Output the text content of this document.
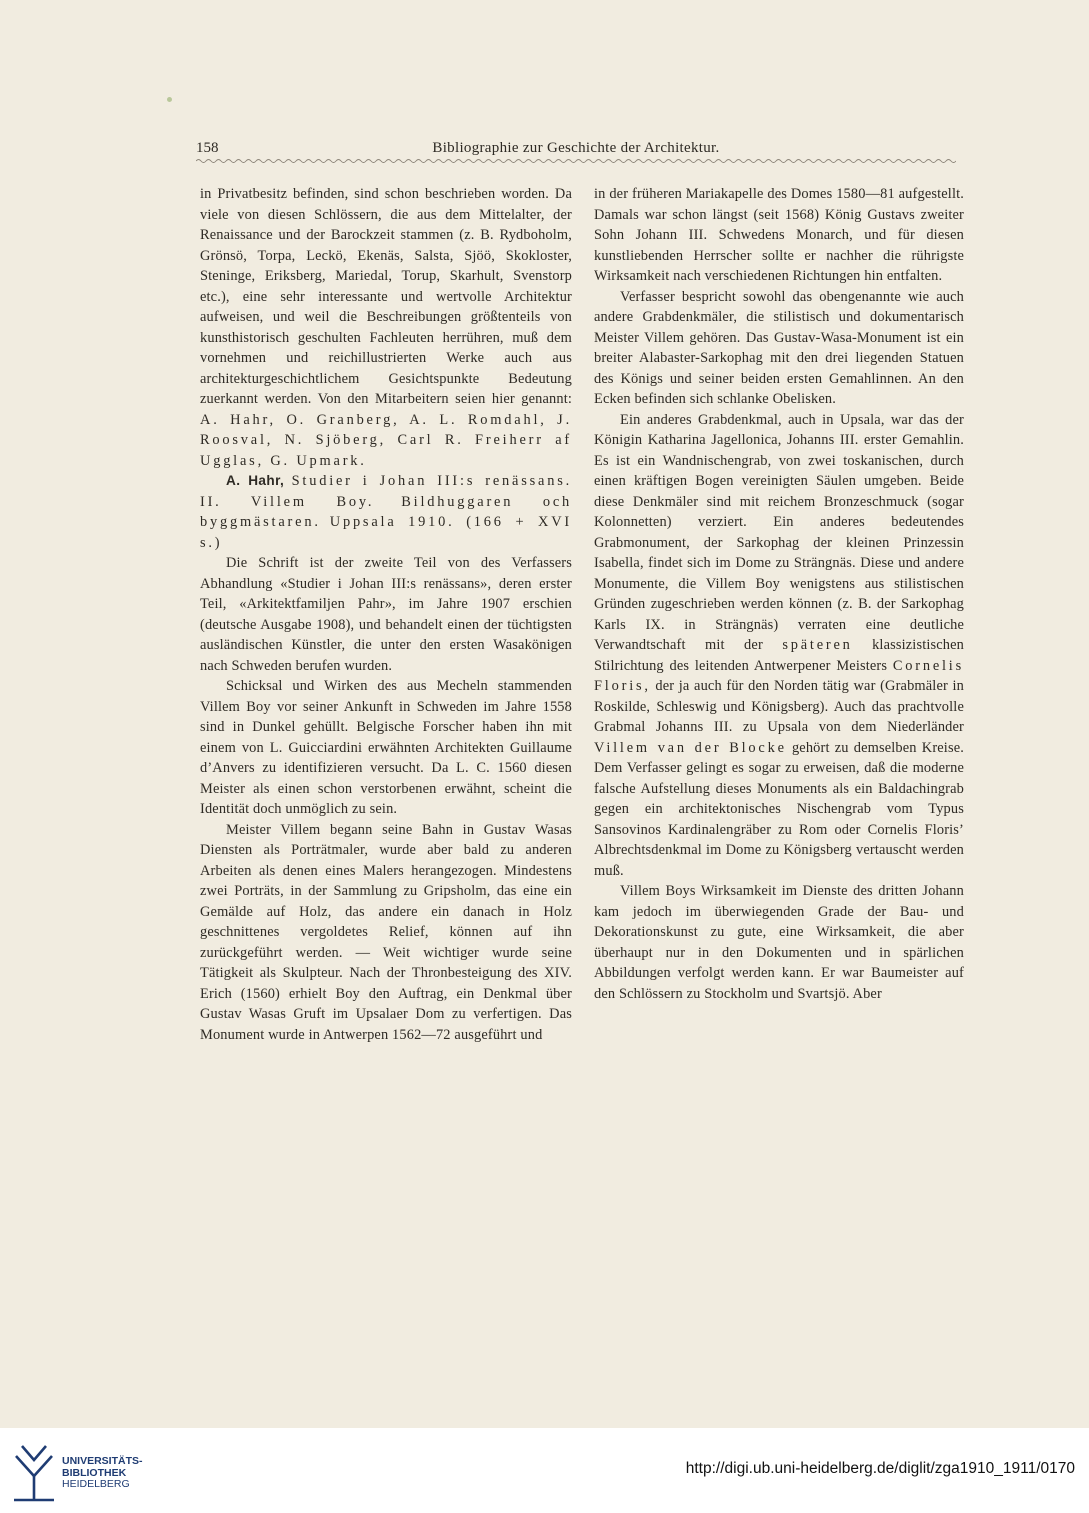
158	Bibliographie zur Geschichte der Architektur.

in Privatbesitz befinden, sind schon beschrieben worden. Da viele von diesen Schlössern, die aus dem Mittelalter, der Renaissance und der Barockzeit stammen (z. B. Rydboholm, Grönsö, Torpa, Leckö, Ekenäs, Salsta, Sjöö, Skokloster, Steninge, Eriksberg, Mariedal, Torup, Skarhult, Svenstorp etc.), eine sehr interessante und wertvolle Architektur aufweisen, und weil die Beschreibungen größtenteils von kunsthistorisch geschulten Fachleuten herrühren, muß dem vornehmen und reichillustrierten Werke auch aus architekturgeschichtlichem Gesichtspunkte Bedeutung zuerkannt werden. Von den Mitarbeitern seien hier genannt: A. Hahr, O. Granberg, A. L. Romdahl, J. Roosval, N. Sjöberg, Carl R. Freiherr af Ugglas, G. Upmark.

A. Hahr, Studier i Johan III:s renässans. II. Villem Boy. Bildhuggaren och byggmästaren. Uppsala 1910. (166 + XVI s.)

Die Schrift ist der zweite Teil von des Verfassers Abhandlung «Studier i Johan III:s renässans», deren erster Teil, «Arkitektfamiljen Pahr», im Jahre 1907 erschien (deutsche Ausgabe 1908), und behandelt einen der tüchtigsten ausländischen Künstler, die unter den ersten Wasakönigen nach Schweden berufen wurden.

Schicksal und Wirken des aus Mecheln stammenden Villem Boy vor seiner Ankunft in Schweden im Jahre 1558 sind in Dunkel gehüllt. Belgische Forscher haben ihn mit einem von L. Guicciardini erwähnten Architekten Guillaume d’Anvers zu identifizieren versucht. Da L. C. 1560 diesen Meister als einen schon verstorbenen erwähnt, scheint die Identität doch unmöglich zu sein.

Meister Villem begann seine Bahn in Gustav Wasas Diensten als Porträtmaler, wurde aber bald zu anderen Arbeiten als denen eines Malers herangezogen. Mindestens zwei Porträts, in der Sammlung zu Gripsholm, das eine ein Gemälde auf Holz, das andere ein danach in Holz geschnittenes vergoldetes Relief, können auf ihn zurückgeführt werden. — Weit wichtiger wurde seine Tätigkeit als Skulpteur. Nach der Thronbesteigung des XIV. Erich (1560) erhielt Boy den Auftrag, ein Denkmal über Gustav Wasas Gruft im Upsalaer Dom zu verfertigen. Das Monument wurde in Antwerpen 1562—72 ausgeführt und

in der früheren Mariakapelle des Domes 1580—81 aufgestellt. Damals war schon längst (seit 1568) König Gustavs zweiter Sohn Johann III. Schwedens Monarch, und für diesen kunstliebenden Herrscher sollte er nachher die rührigste Wirksamkeit nach verschiedenen Richtungen hin entfalten.

Verfasser bespricht sowohl das obengenannte wie auch andere Grabdenkmäler, die stilistisch und dokumentarisch Meister Villem gehören. Das Gustav-Wasa-Monument ist ein breiter Alabaster-Sarkophag mit den drei liegenden Statuen des Königs und seiner beiden ersten Gemahlinnen. An den Ecken befinden sich schlanke Obelisken.

Ein anderes Grabdenkmal, auch in Upsala, war das der Königin Katharina Jagellonica, Johanns III. erster Gemahlin. Es ist ein Wandnischengrab, von zwei toskanischen, durch einen kräftigen Bogen vereinigten Säulen umgeben. Beide diese Denkmäler sind mit reichem Bronzeschmuck (sogar Kolonnetten) verziert. Ein anderes bedeutendes Grabmonument, der Sarkophag der kleinen Prinzessin Isabella, findet sich im Dome zu Strängnäs. Diese und andere Monumente, die Villem Boy wenigstens aus stilistischen Gründen zugeschrieben werden können (z. B. der Sarkophag Karls IX. in Strängnäs) verraten eine deutliche Verwandtschaft mit der späteren klassizistischen Stilrichtung des leitenden Antwerpener Meisters Cornelis Floris, der ja auch für den Norden tätig war (Grabmäler in Roskilde, Schleswig und Königsberg). Auch das prachtvolle Grabmal Johanns III. zu Upsala von dem Niederländer Villem van der Blocke gehört zu demselben Kreise. Dem Verfasser gelingt es sogar zu erweisen, daß die moderne falsche Aufstellung dieses Monuments als ein Baldachingrab gegen ein architektonisches Nischengrab vom Typus Sansovinos Kardinalengräber zu Rom oder Cornelis Floris’ Albrechtsdenkmal im Dome zu Königsberg vertauscht werden muß.

Villem Boys Wirksamkeit im Dienste des dritten Johann kam jedoch im überwiegenden Grade der Bau- und Dekorationskunst zu gute, eine Wirksamkeit, die aber überhaupt nur in den Dokumenten und in spärlichen Abbildungen verfolgt werden kann. Er war Baumeister auf den Schlössern zu Stockholm und Svartsjö. Aber

UNIVERSITÄTS-
BIBLIOTHEK
HEIDELBERG
http://digi.ub.uni-heidelberg.de/diglit/zga1910_1911/0170
